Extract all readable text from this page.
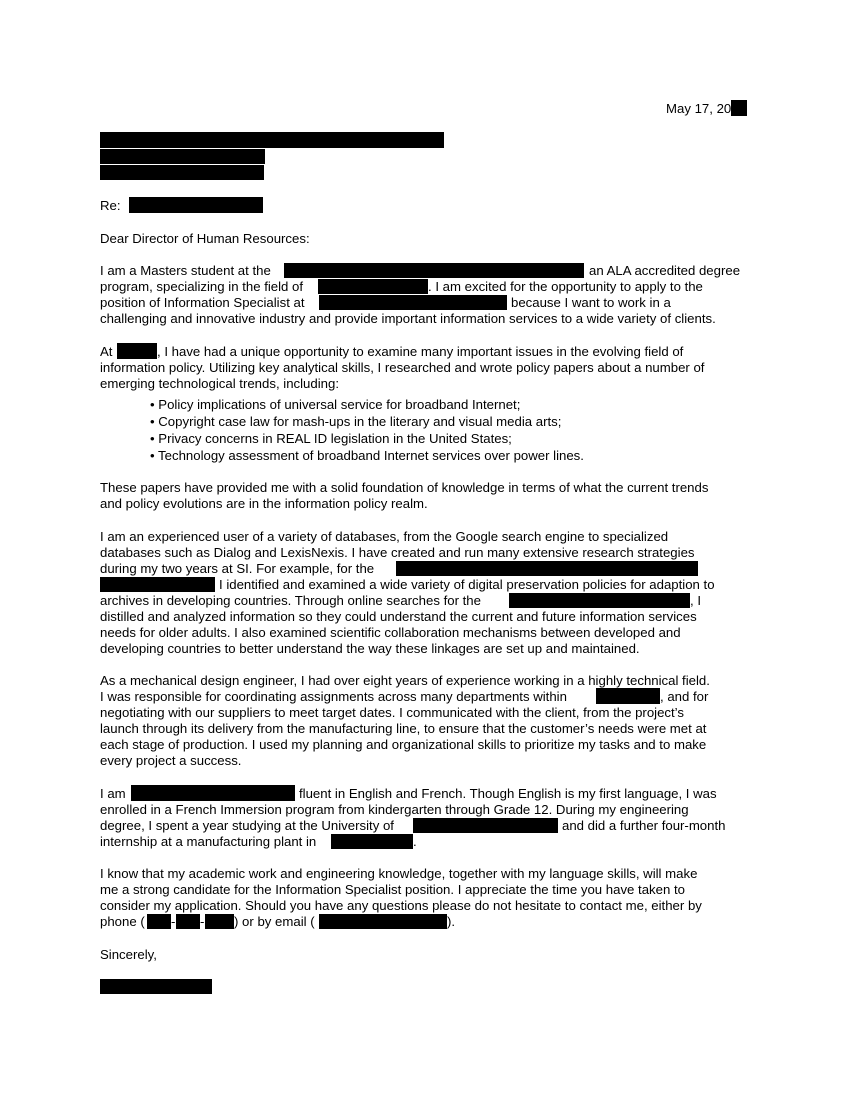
May 17, 20
Re:
Dear Director of Human Resources:
I am a Masters student at the	an ALA accredited degree
program, specializing in the field of	. I am excited for the opportunity to apply to the
position of Information Specialist at	because I want to work in a
challenging and innovative industry and provide important information services to a wide variety of clients.
At	, I have had a unique opportunity to examine many important issues in the evolving field of
information policy. Utilizing key analytical skills, I researched and wrote policy papers about a number of
emerging technological trends, including:
• Policy implications of universal service for broadband Internet;
• Copyright case law for mash-ups in the literary and visual media arts;
• Privacy concerns in REAL ID legislation in the United States;
• Technology assessment of broadband Internet services over power lines.
These papers have provided me with a solid foundation of knowledge in terms of what the current trends
and policy evolutions are in the information policy realm.
I am an experienced user of a variety of databases, from the Google search engine to specialized
databases such as Dialog and LexisNexis. I have created and run many extensive research strategies
during my two years at SI. For example, for the
I identified and examined a wide variety of digital preservation policies for adaption to
archives in developing countries. Through online searches for the	, I
distilled and analyzed information so they could understand the current and future information services
needs for older adults. I also examined scientific collaboration mechanisms between developed and
developing countries to better understand the way these linkages are set up and maintained.
As a mechanical design engineer, I had over eight years of experience working in a highly technical field.
I was responsible for coordinating assignments across many departments within	, and for
negotiating with our suppliers to meet target dates. I communicated with the client, from the project’s
launch through its delivery from the manufacturing line, to ensure that the customer’s needs were met at
each stage of production. I used my planning and organizational skills to prioritize my tasks and to make
every project a success.
I am	fluent in English and French. Though English is my first language, I was
enrolled in a French Immersion program from kindergarten through Grade 12. During my engineering
degree, I spent a year studying at the University of	and did a further four-month
internship at a manufacturing plant in	.
I know that my academic work and engineering knowledge, together with my language skills, will make
me a strong candidate for the Information Specialist position. I appreciate the time you have taken to
consider my application. Should you have any questions please do not hesitate to contact me, either by
phone ( - - ) or by email (	).
Sincerely,
